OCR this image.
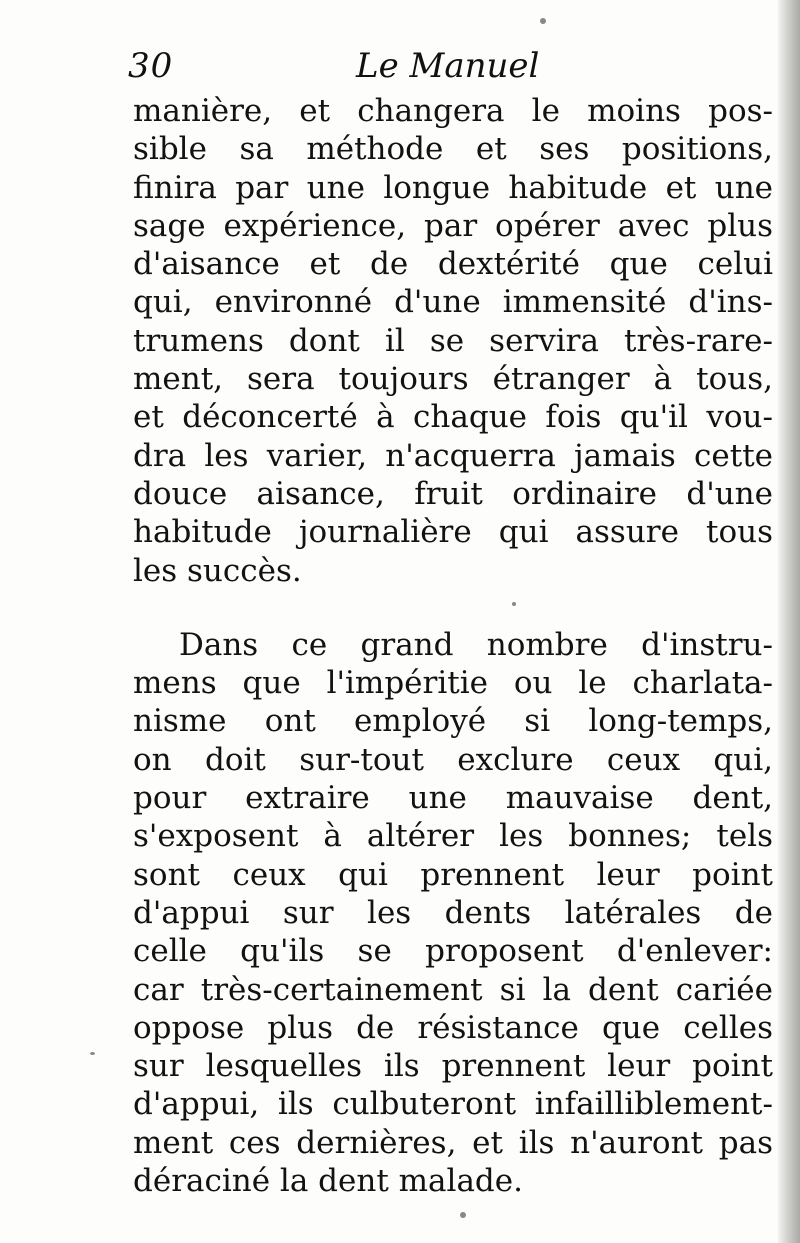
30	Le Manuel
manière, et changera le moins pos-
sible sa méthode et ses positions,
finira par une longue habitude et une
sage expérience, par opérer avec plus
d'aisance et de dextérité que celui
qui, environné d'une immensité d'ins-
trumens dont il se servira très-rare-
ment, sera toujours étranger à tous,
et déconcerté à chaque fois qu'il vou-
dra les varier, n'acquerra jamais cette
douce aisance, fruit ordinaire d'une
habitude journalière qui assure tous
les succès.
Dans ce grand nombre d'instru-
mens que l'impéritie ou le charlata-
nisme ont employé si long-temps,
on doit sur-tout exclure ceux qui,
pour extraire une mauvaise dent,
s'exposent à altérer les bonnes; tels
sont ceux qui prennent leur point
d'appui sur les dents latérales de
celle qu'ils se proposent d'enlever:
car très-certainement si la dent cariée
oppose plus de résistance que celles
sur lesquelles ils prennent leur point
d'appui, ils culbuteront infailliblement-
ment ces dernières, et ils n'auront pas
déraciné la dent malade.
